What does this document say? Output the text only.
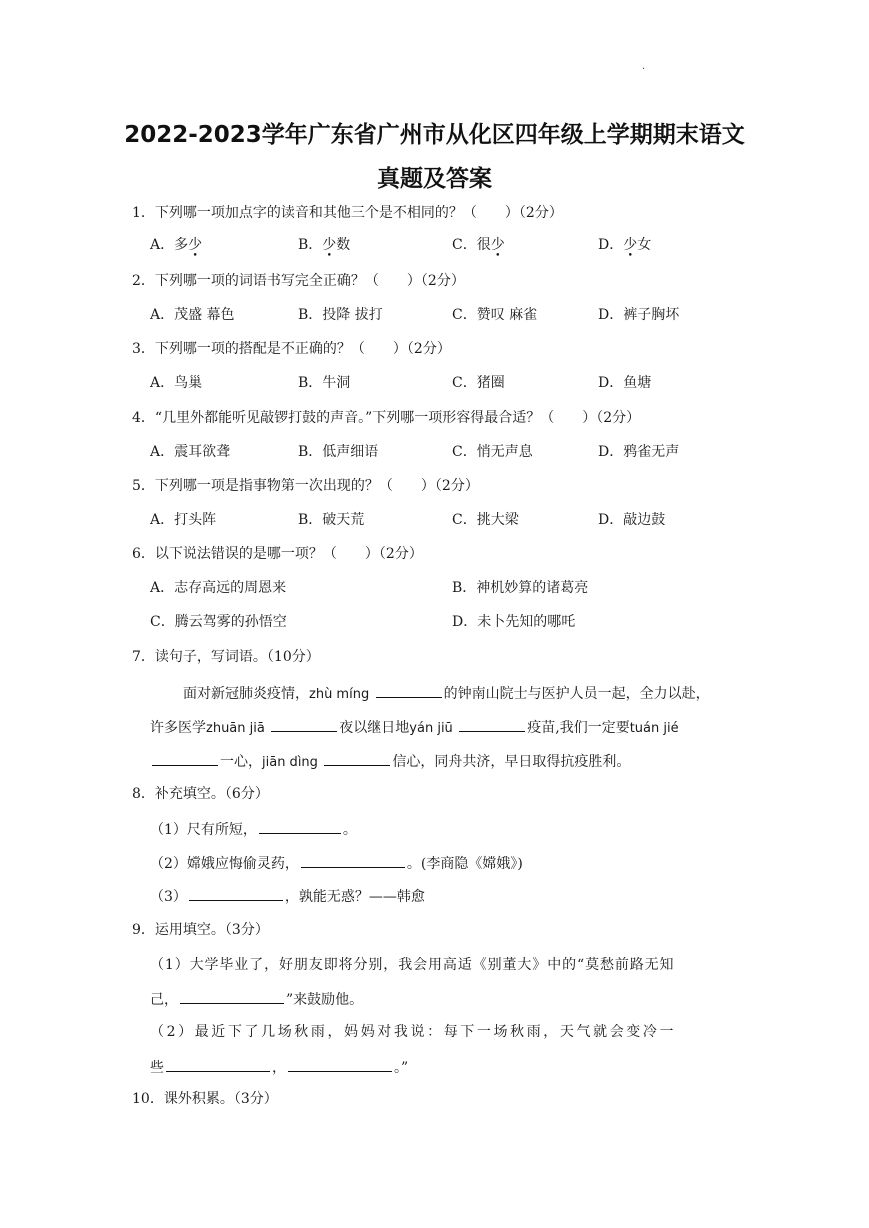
·
2022-2023学年广东省广州市从化区四年级上学期期末语文
真题及答案
1．下列哪一项加点字的读音和其他三个是不相同的？（　　）（2分）
A．多少	B．少数	C．很少	D．少女
2．下列哪一项的词语书写完全正确？（　　）（2分）
A．茂盛 幕色	B．投降 拔打	C．赞叹 麻雀	D．裤子胸坏
3．下列哪一项的搭配是不正确的？（　　）（2分）
A．鸟巢	B．牛洞	C．猪圈	D．鱼塘
4．“几里外都能听见敲锣打鼓的声音。”下列哪一项形容得最合适？（　　）（2分）
A．震耳欲聋	B．低声细语	C．悄无声息	D．鸦雀无声
5．下列哪一项是指事物第一次出现的？（　　）（2分）
A．打头阵	B．破天荒	C．挑大梁	D．敲边鼓
6．以下说法错误的是哪一项？（　　）（2分）
A．志存高远的周恩来	B．神机妙算的诸葛亮
C．腾云驾雾的孙悟空	D．未卜先知的哪吒
7．读句子，写词语。（10分）
面对新冠肺炎疫情，zhù míng	的钟南山院士与医护人员一起，全力以赴，
许多医学zhuān jiā	夜以继日地yán jiū	疫苗,我们一定要tuán jié
一心，jiān dìng	信心，同舟共济，早日取得抗疫胜利。
8．补充填空。（6分）
（1）尺有所短，	。
（2）嫦娥应悔偷灵药，	。(李商隐《嫦娥》)
（3）	，孰能无惑？——韩愈
9．运用填空。（3分）
（1）大学毕业了，好朋友即将分别，我会用高适《别董大》中的“莫愁前路无知
己，	”来鼓励他。
（2）最近下了几场秋雨，妈妈对我说：每下一场秋雨，天气就会变冷一
些	，	。”
10．课外积累。（3分）
